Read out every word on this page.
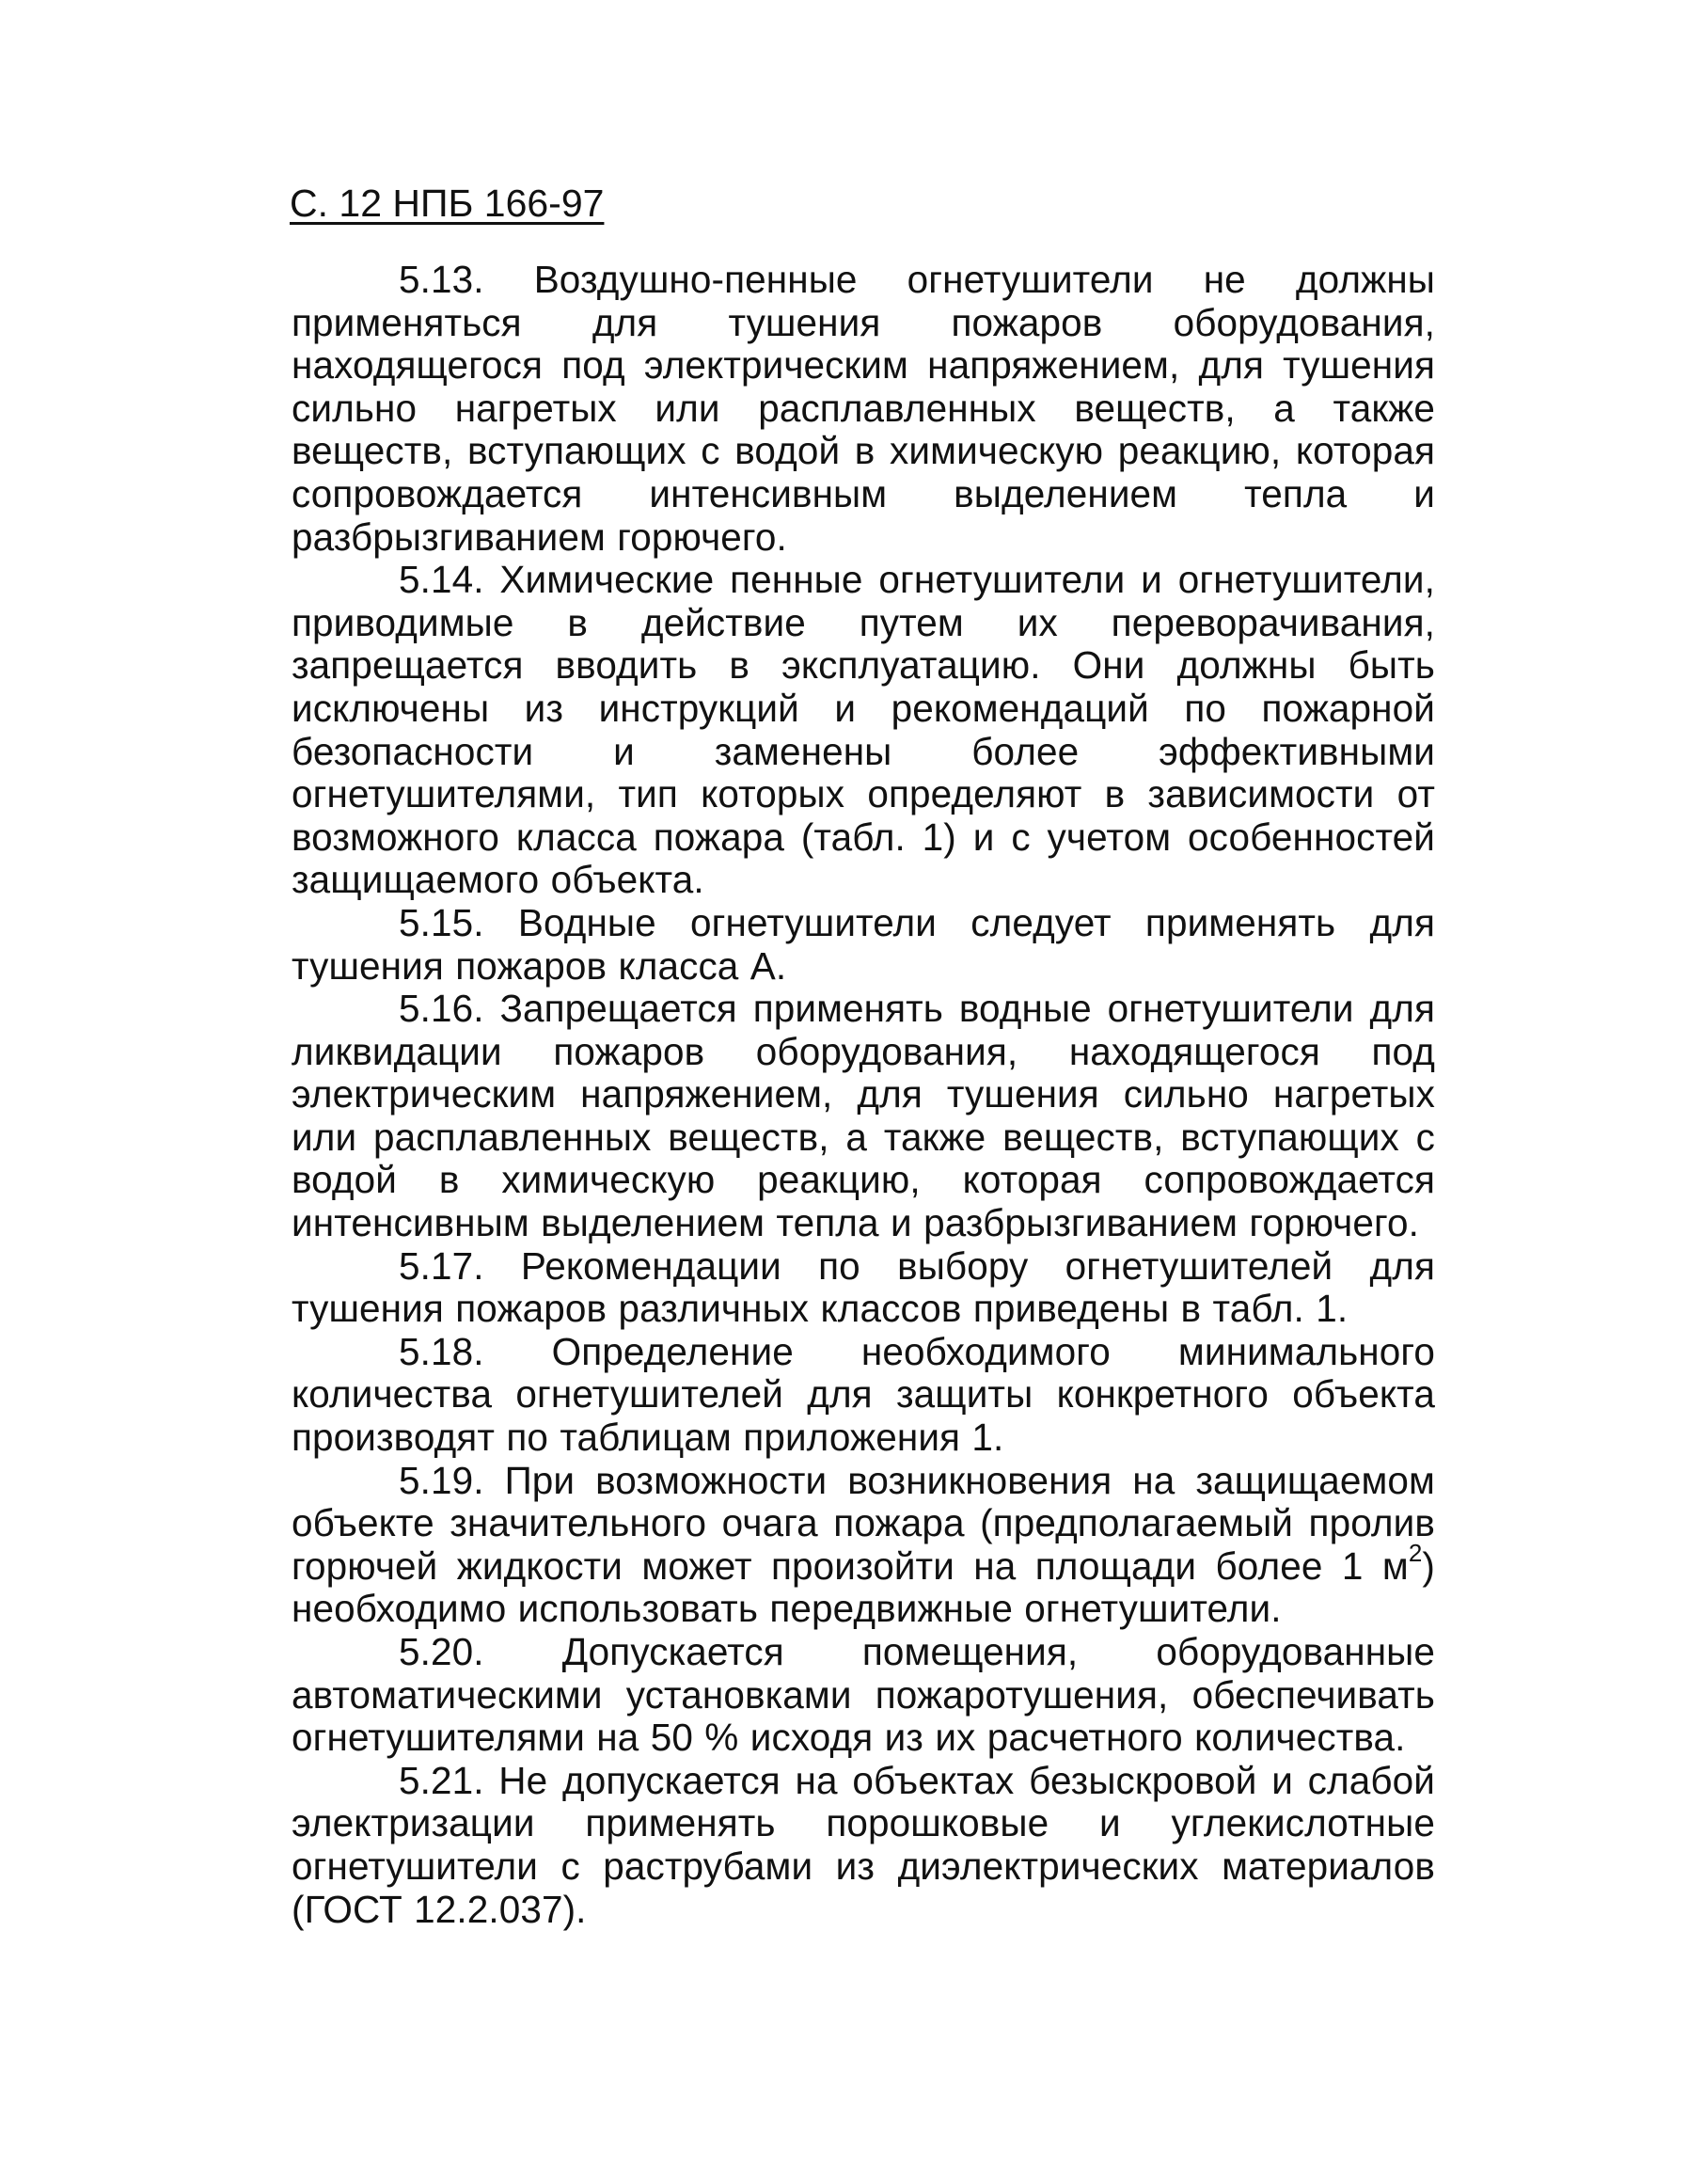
С. 12 НПБ 166-97

5.13. Воздушно-пенные огнетушители не должны применяться для тушения пожаров оборудования, находящегося под электрическим напряжением, для тушения сильно нагретых или расплавленных веществ, а также веществ, вступающих с водой в химическую реакцию, которая сопровождается интенсивным выделением тепла и разбрызгиванием горючего.

5.14. Химические пенные огнетушители и огнетушители, приводимые в действие путем их переворачивания, запрещается вводить в эксплуатацию. Они должны быть исключены из инструкций и рекомендаций по пожарной безопасности и заменены более эффективными огнетушителями, тип которых определяют в зависимости от возможного класса пожара (табл. 1) и с учетом особенностей защищаемого объекта.

5.15. Водные огнетушители следует применять для тушения пожаров класса А.

5.16. Запрещается применять водные огнетушители для ликвидации пожаров оборудования, находящегося под электрическим напряжением, для тушения сильно нагретых или расплавленных веществ, а также веществ, вступающих с водой в химическую реакцию, которая сопровождается интенсивным выделением тепла и разбрызгиванием горючего.

5.17. Рекомендации по выбору огнетушителей для тушения пожаров различных классов приведены в табл. 1.

5.18. Определение необходимого минимального количества огнетушителей для защиты конкретного объекта производят по таблицам приложения 1.

5.19. При возможности возникновения на защищаемом объекте значительного очага пожара (предполагаемый пролив горючей жидкости может произойти на площади более 1 $м^2$) необходимо использовать передвижные огнетушители.

5.20. Допускается помещения, оборудованные автоматическими установками пожаротушения, обеспечивать огнетушителями на 50 % исходя из их расчетного количества.

5.21. Не допускается на объектах безыскровой и слабой электризации применять порошковые и углекислотные огнетушители с раструбами из диэлектрических материалов (ГОСТ 12.2.037).
